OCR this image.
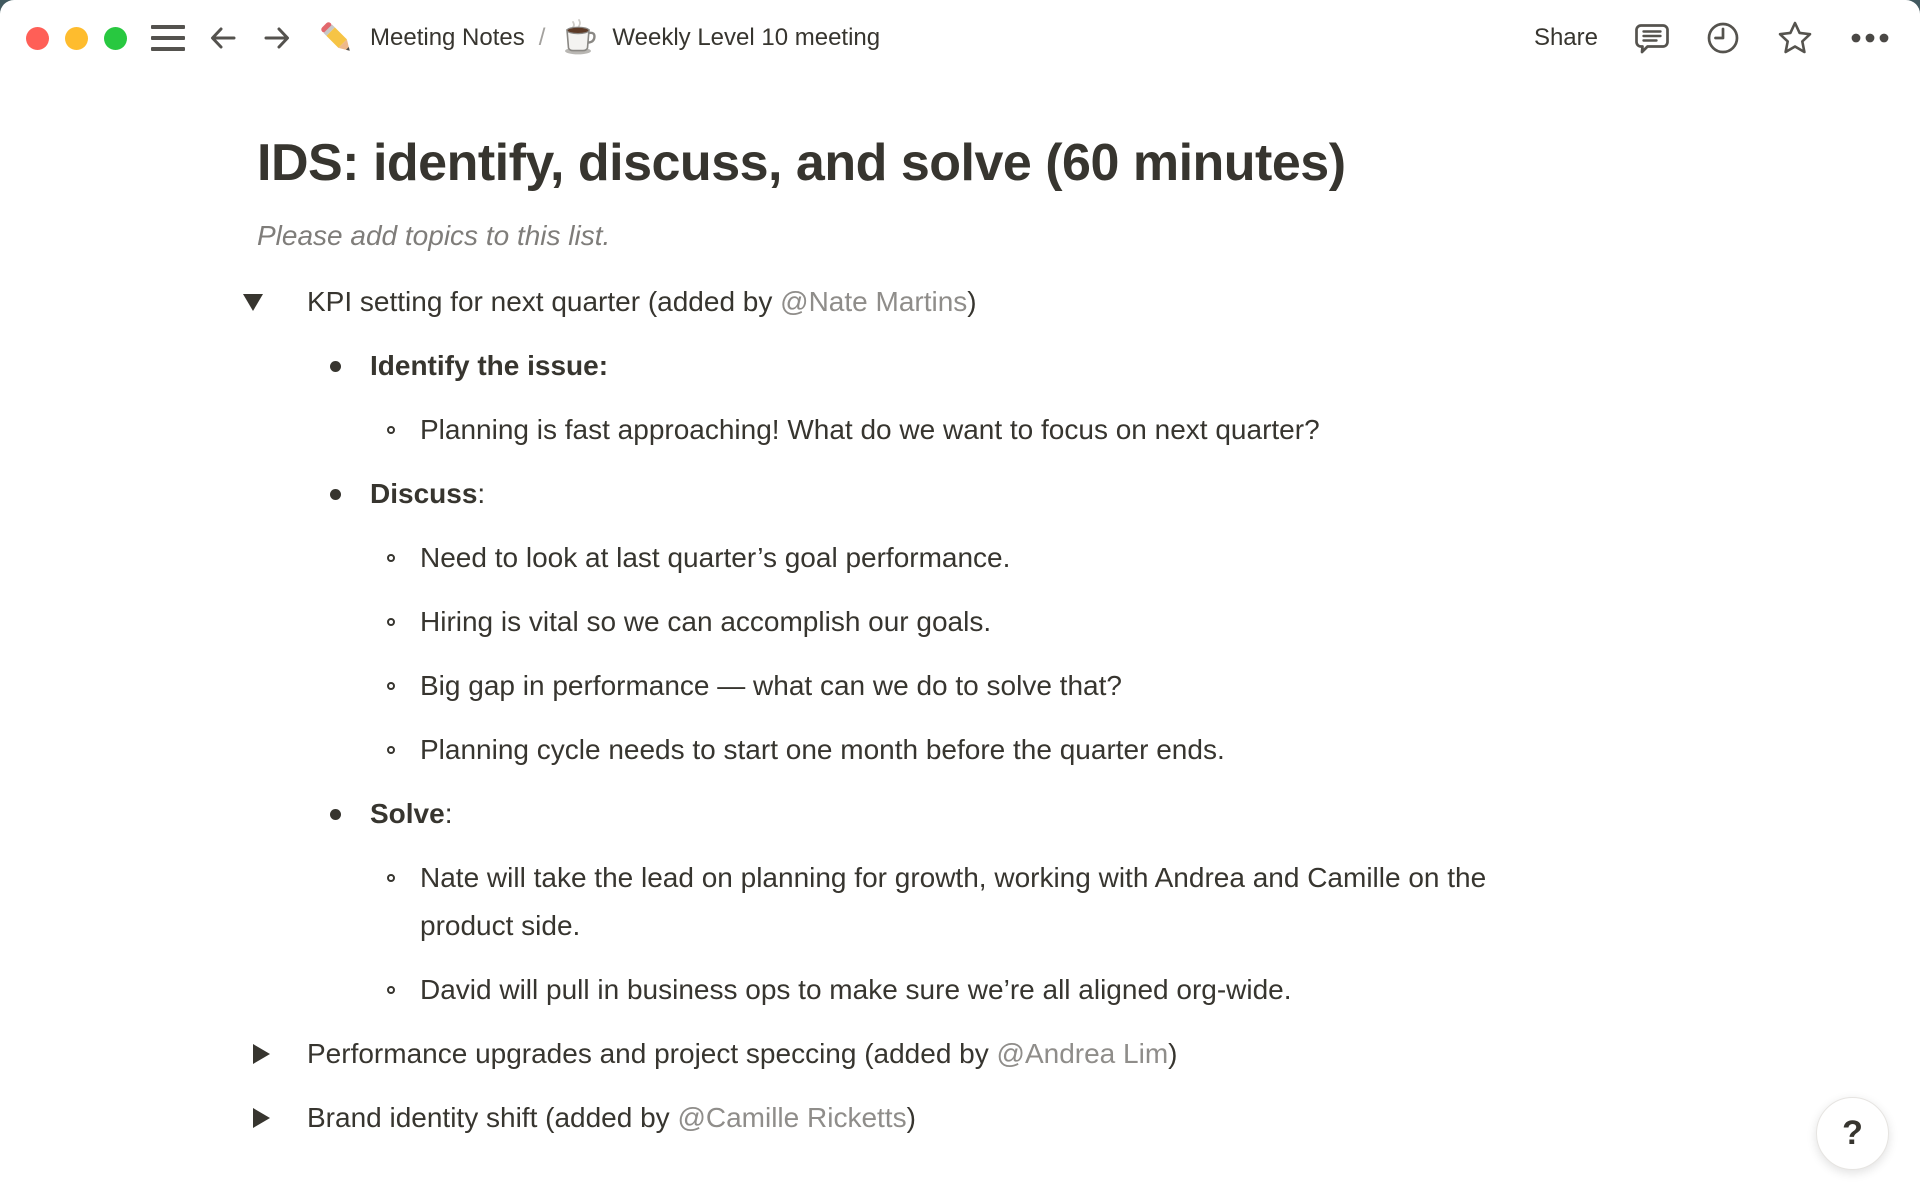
Meeting Notes /	Weekly Level 10 meeting	Share
IDS: identify, discuss, and solve (60 minutes)

Please add topics to this list.

KPI setting for next quarter (added by @Nate Martins)
Identify the issue:
Planning is fast approaching! What do we want to focus on next quarter?
Discuss:
Need to look at last quarter’s goal performance.
Hiring is vital so we can accomplish our goals.
Big gap in performance — what can we do to solve that?
Planning cycle needs to start one month before the quarter ends.
Solve:
Nate will take the lead on planning for growth, working with Andrea and Camille on the product side.
David will pull in business ops to make sure we’re all aligned org-wide.
Performance upgrades and project speccing (added by @Andrea Lim)
Brand identity shift (added by @Camille Ricketts)	?
